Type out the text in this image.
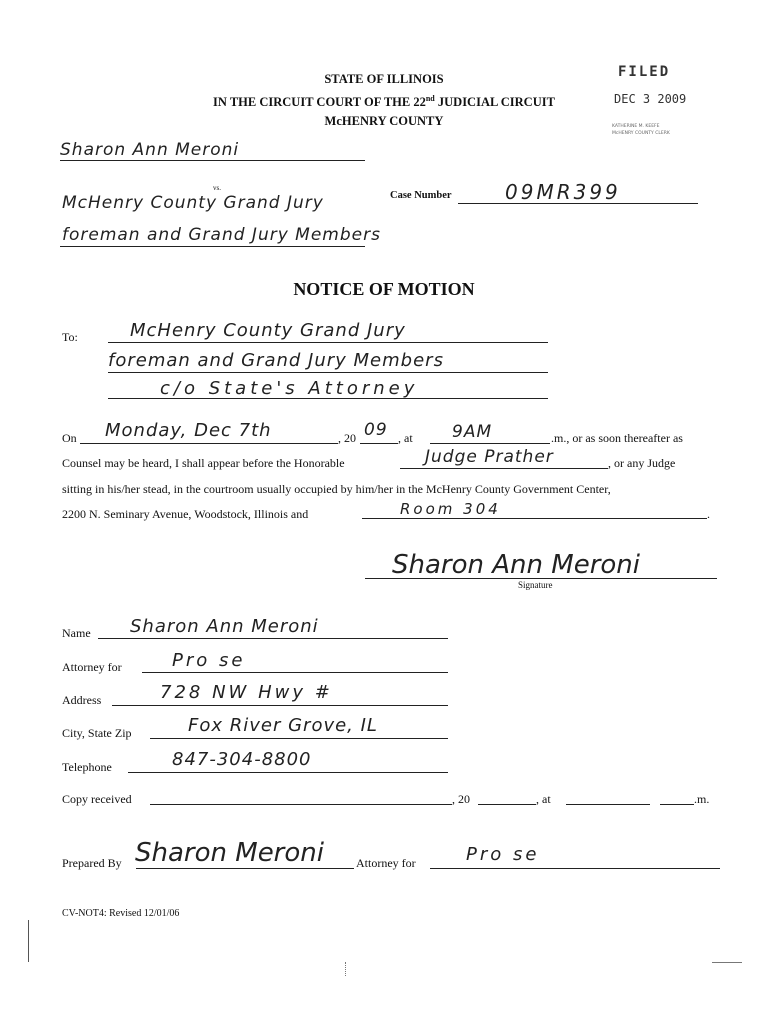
STATE OF ILLINOIS
IN THE CIRCUIT COURT OF THE 22nd JUDICIAL CIRCUIT
McHENRY COUNTY
FILED
DEC 3 2009
KATHERINE M. KEEFE
McHENRY COUNTY CLERK
Sharon Ann Meroni
vs.
McHenry County Grand Jury
foreman and Grand Jury Members
Case Number	09MR399
NOTICE OF MOTION
To:	McHenry County Grand Jury
foreman and Grand Jury Members
c/o State's Attorney
On Monday, Dec 7th	, 20 09 , at 9AM	.m., or as soon thereafter as
Counsel may be heard, I shall appear before the Honorable	Judge Prather	, or any Judge
sitting in his/her stead, in the courtroom usually occupied by him/her in the McHenry County Government Center,
2200 N. Seminary Avenue, Woodstock, Illinois and	Room 304	.
Sharon Ann Meroni
Signature
Name Sharon Ann Meroni
Attorney for	Pro se
Address	728 NW Hwy #
City, State Zip	Fox River Grove, IL
Telephone	847-304-8800
Copy received	, 20	, at	.m.
Prepared By Sharon Meroni	Attorney for	Pro se
CV-NOT4: Revised 12/01/06
